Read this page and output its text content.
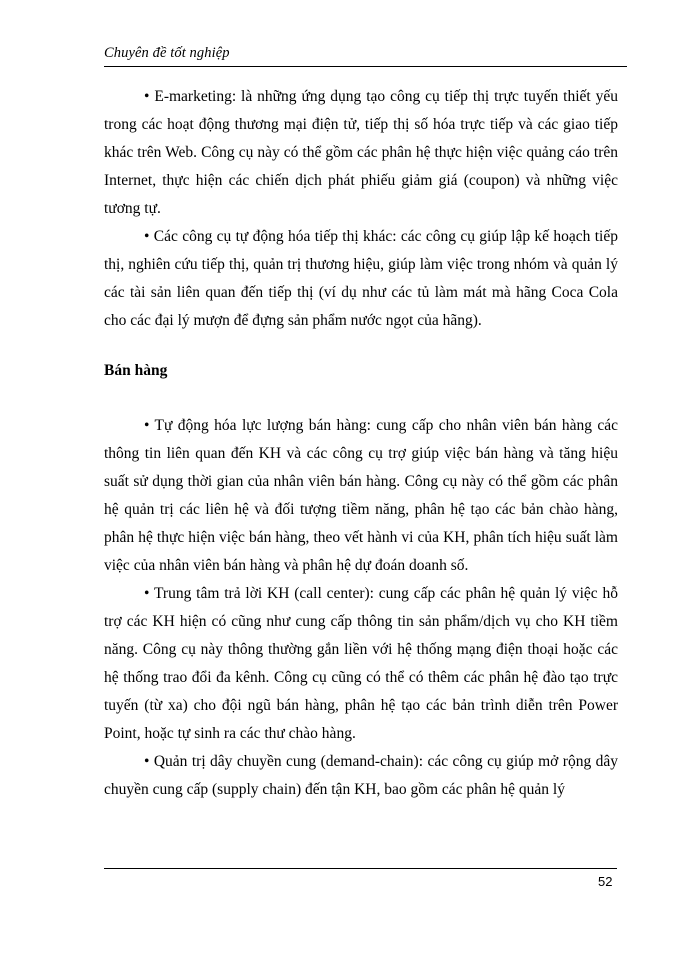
Chuyên đề tốt nghiệp

• E-marketing: là những ứng dụng tạo công cụ tiếp thị trực tuyến thiết yếu trong các hoạt động thương mại điện tử, tiếp thị số hóa trực tiếp và các giao tiếp khác trên Web. Công cụ này có thể gồm các phân hệ thực hiện việc quảng cáo trên Internet, thực hiện các chiến dịch phát phiếu giảm giá (coupon) và những việc tương tự.

• Các công cụ tự động hóa tiếp thị khác: các công cụ giúp lập kế hoạch tiếp thị, nghiên cứu tiếp thị, quản trị thương hiệu, giúp làm việc trong nhóm và quản lý các tài sản liên quan đến tiếp thị (ví dụ như các tủ làm mát mà hãng Coca Cola cho các đại lý mượn để đựng sản phẩm nước ngọt của hãng).

Bán hàng

• Tự động hóa lực lượng bán hàng: cung cấp cho nhân viên bán hàng các thông tin liên quan đến KH và các công cụ trợ giúp việc bán hàng và tăng hiệu suất sử dụng thời gian của nhân viên bán hàng. Công cụ này có thể gồm các phân hệ quản trị các liên hệ và đối tượng tiềm năng, phân hệ tạo các bản chào hàng, phân hệ thực hiện việc bán hàng, theo vết hành vi của KH, phân tích hiệu suất làm việc của nhân viên bán hàng và phân hệ dự đoán doanh số.

• Trung tâm trả lời KH (call center): cung cấp các phân hệ quản lý việc hỗ trợ các KH hiện có cũng như cung cấp thông tin sản phẩm/dịch vụ cho KH tiềm năng. Công cụ này thông thường gắn liền với hệ thống mạng điện thoại hoặc các hệ thống trao đổi đa kênh. Công cụ cũng có thể có thêm các phân hệ đào tạo trực tuyến (từ xa) cho đội ngũ bán hàng, phân hệ tạo các bản trình diễn trên Power Point, hoặc tự sinh ra các thư chào hàng.

• Quản trị dây chuyền cung (demand-chain): các công cụ giúp mở rộng dây chuyền cung cấp (supply chain) đến tận KH, bao gồm các phân hệ quản lý

52
